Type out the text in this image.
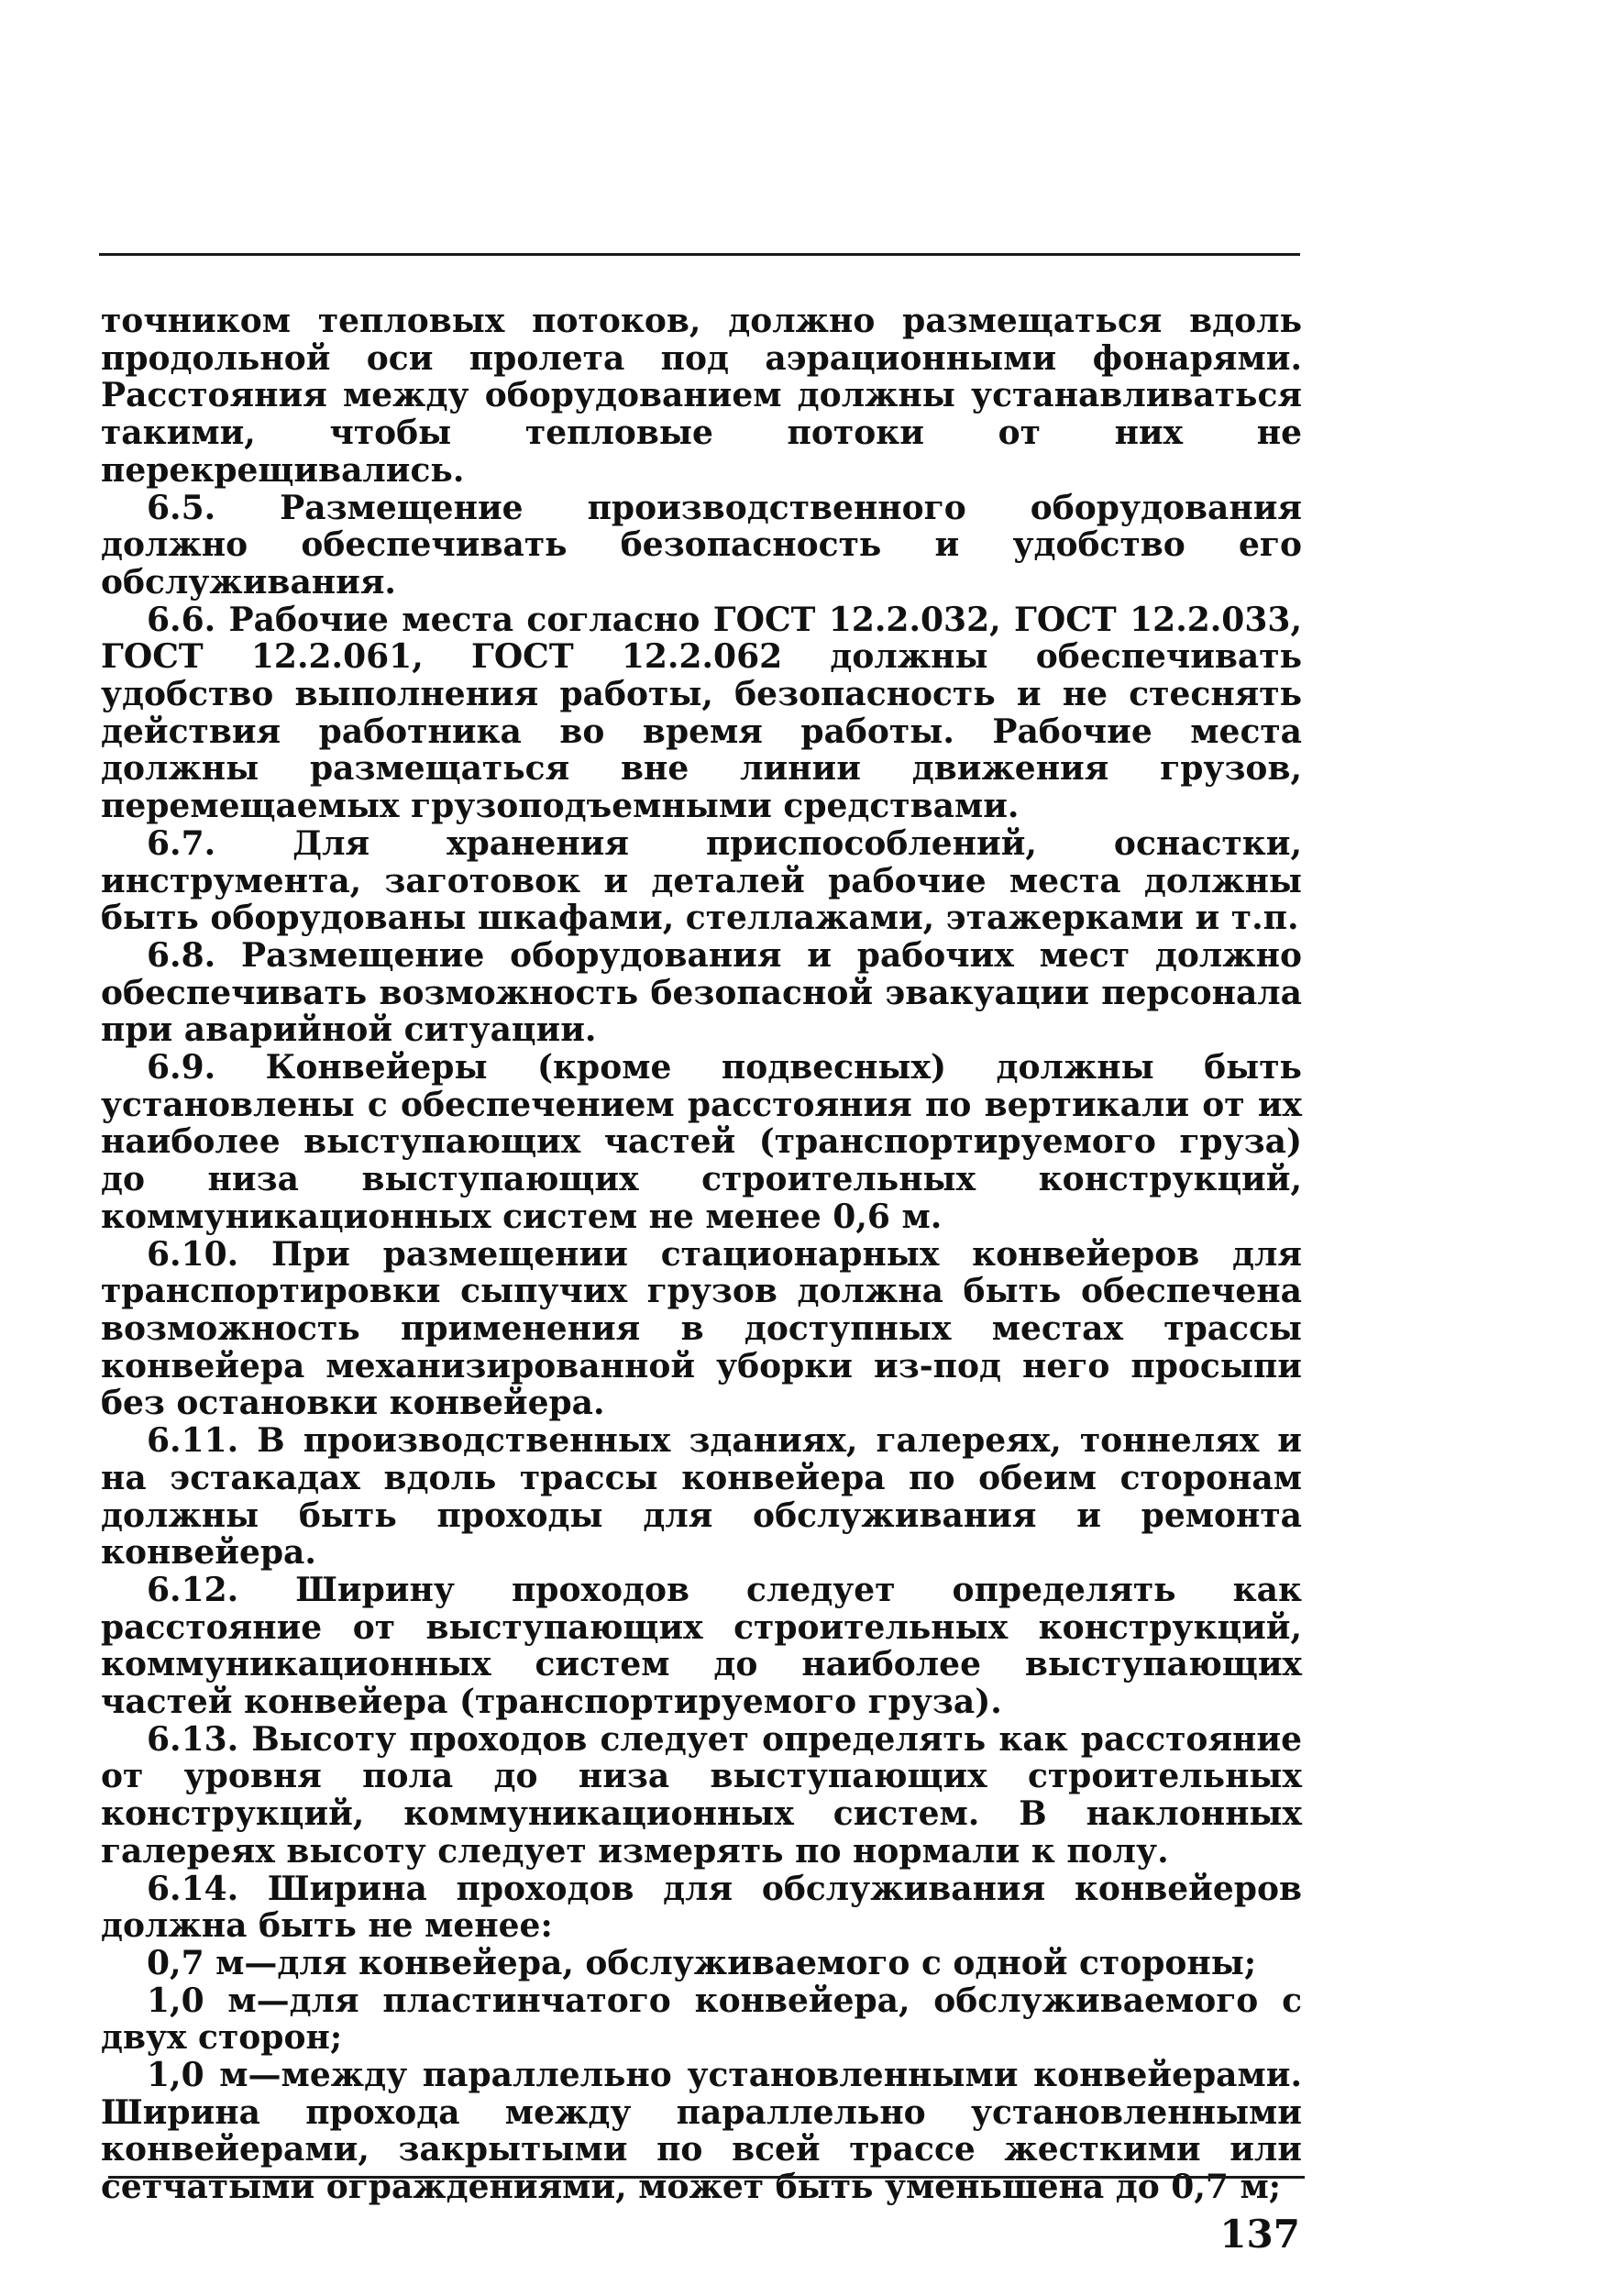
точником тепловых потоков, должно размещаться вдоль продольной оси пролета под аэрационными фонарями. Расстояния между оборудованием должны устанавливаться такими, чтобы тепловые потоки от них не перекрещивались.

6.5. Размещение производственного оборудования должно обеспечивать безопасность и удобство его обслуживания.

6.6. Рабочие места согласно ГОСТ 12.2.032, ГОСТ 12.2.033, ГОСТ 12.2.061, ГОСТ 12.2.062 должны обеспечивать удобство выполнения работы, безопасность и не стеснять действия работника во время работы. Рабочие места должны размещаться вне линии движения грузов, перемещаемых грузоподъемными средствами.

6.7. Для хранения приспособлений, оснастки, инструмента, заготовок и деталей рабочие места должны быть оборудованы шкафами, стеллажами, этажерками и т.п.

6.8. Размещение оборудования и рабочих мест должно обеспечивать возможность безопасной эвакуации персонала при аварийной ситуации.

6.9. Конвейеры (кроме подвесных) должны быть установлены с обеспечением расстояния по вертикали от их наиболее выступающих частей (транспортируемого груза) до низа выступающих строительных конструкций, коммуникационных систем не менее 0,6 м.

6.10. При размещении стационарных конвейеров для транспортировки сыпучих грузов должна быть обеспечена возможность применения в доступных местах трассы конвейера механизированной уборки из-под него просыпи без остановки конвейера.

6.11. В производственных зданиях, галереях, тоннелях и на эстакадах вдоль трассы конвейера по обеим сторонам должны быть проходы для обслуживания и ремонта конвейера.

6.12. Ширину проходов следует определять как расстояние от выступающих строительных конструкций, коммуникационных систем до наиболее выступающих частей конвейера (транспортируемого груза).

6.13. Высоту проходов следует определять как расстояние от уровня пола до низа выступающих строительных конструкций, коммуникационных систем. В наклонных галереях высоту следует измерять по нормали к полу.

6.14. Ширина проходов для обслуживания конвейеров должна быть не менее:

0,7 м—для конвейера, обслуживаемого с одной стороны;

1,0 м—для пластинчатого конвейера, обслуживаемого с двух сторон;

1,0 м—между параллельно установленными конвейерами. Ширина прохода между параллельно установленными конвейерами, закрытыми по всей трассе жесткими или сетчатыми ограждениями, может быть уменьшена до 0,7 м;

137
